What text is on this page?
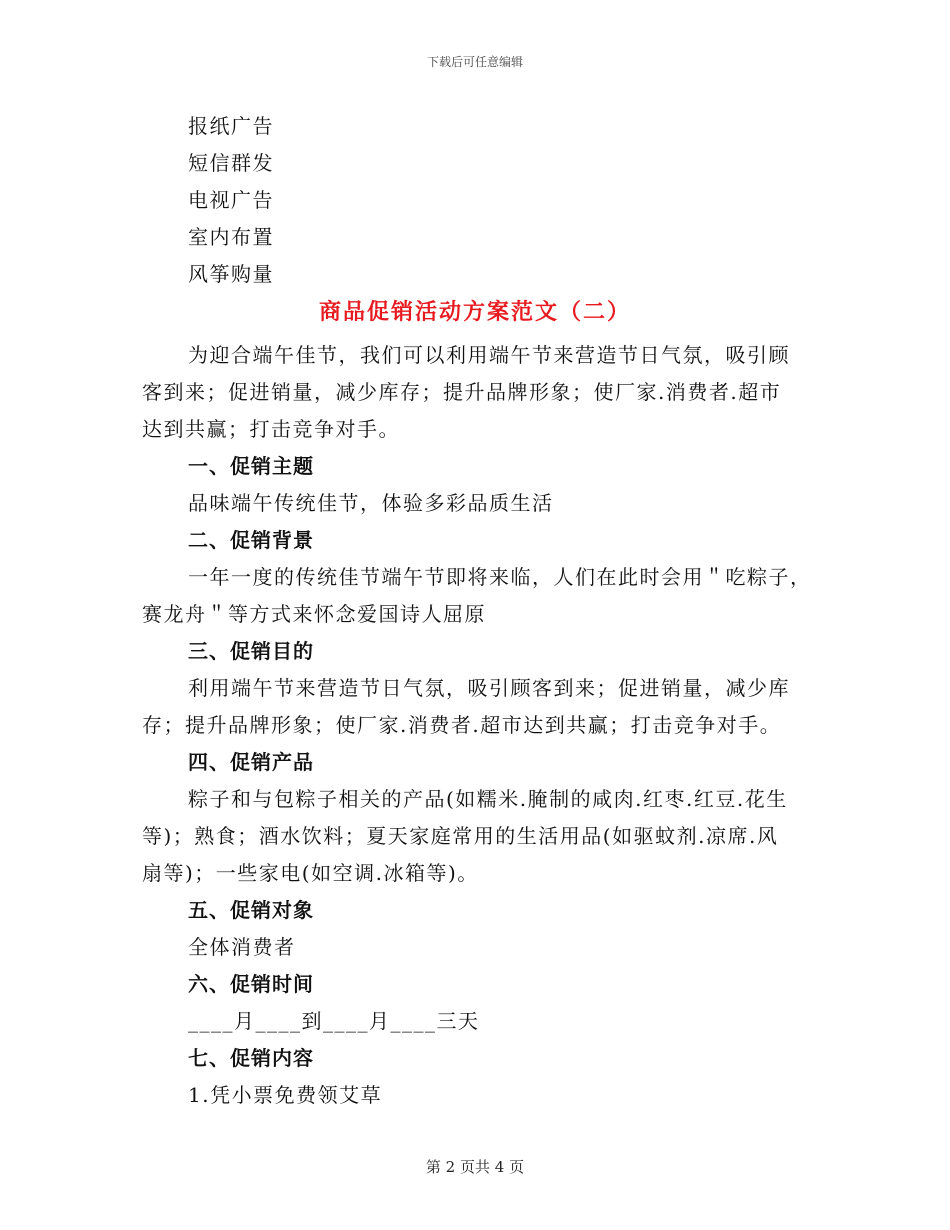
下载后可任意编辑
报纸广告
短信群发
电视广告
室内布置
风筝购量
商品促销活动方案范文（二）
为迎合端午佳节，我们可以利用端午节来营造节日气氛，吸引顾
客到来；促进销量，减少库存；提升品牌形象；使厂家.消费者.超市
达到共赢；打击竞争对手。
一、促销主题
品味端午传统佳节，体验多彩品质生活
二、促销背景
一年一度的传统佳节端午节即将来临，人们在此时会用＂吃粽子，
赛龙舟＂等方式来怀念爱国诗人屈原
三、促销目的
利用端午节来营造节日气氛，吸引顾客到来；促进销量，减少库
存；提升品牌形象；使厂家.消费者.超市达到共赢；打击竞争对手。
四、促销产品
粽子和与包粽子相关的产品(如糯米.腌制的咸肉.红枣.红豆.花生
等)；熟食；酒水饮料；夏天家庭常用的生活用品(如驱蚊剂.凉席.风
扇等)；一些家电(如空调.冰箱等)。
五、促销对象
全体消费者
六、促销时间
____月____到____月____三天
七、促销内容
1.凭小票免费领艾草
第 2 页共 4 页
